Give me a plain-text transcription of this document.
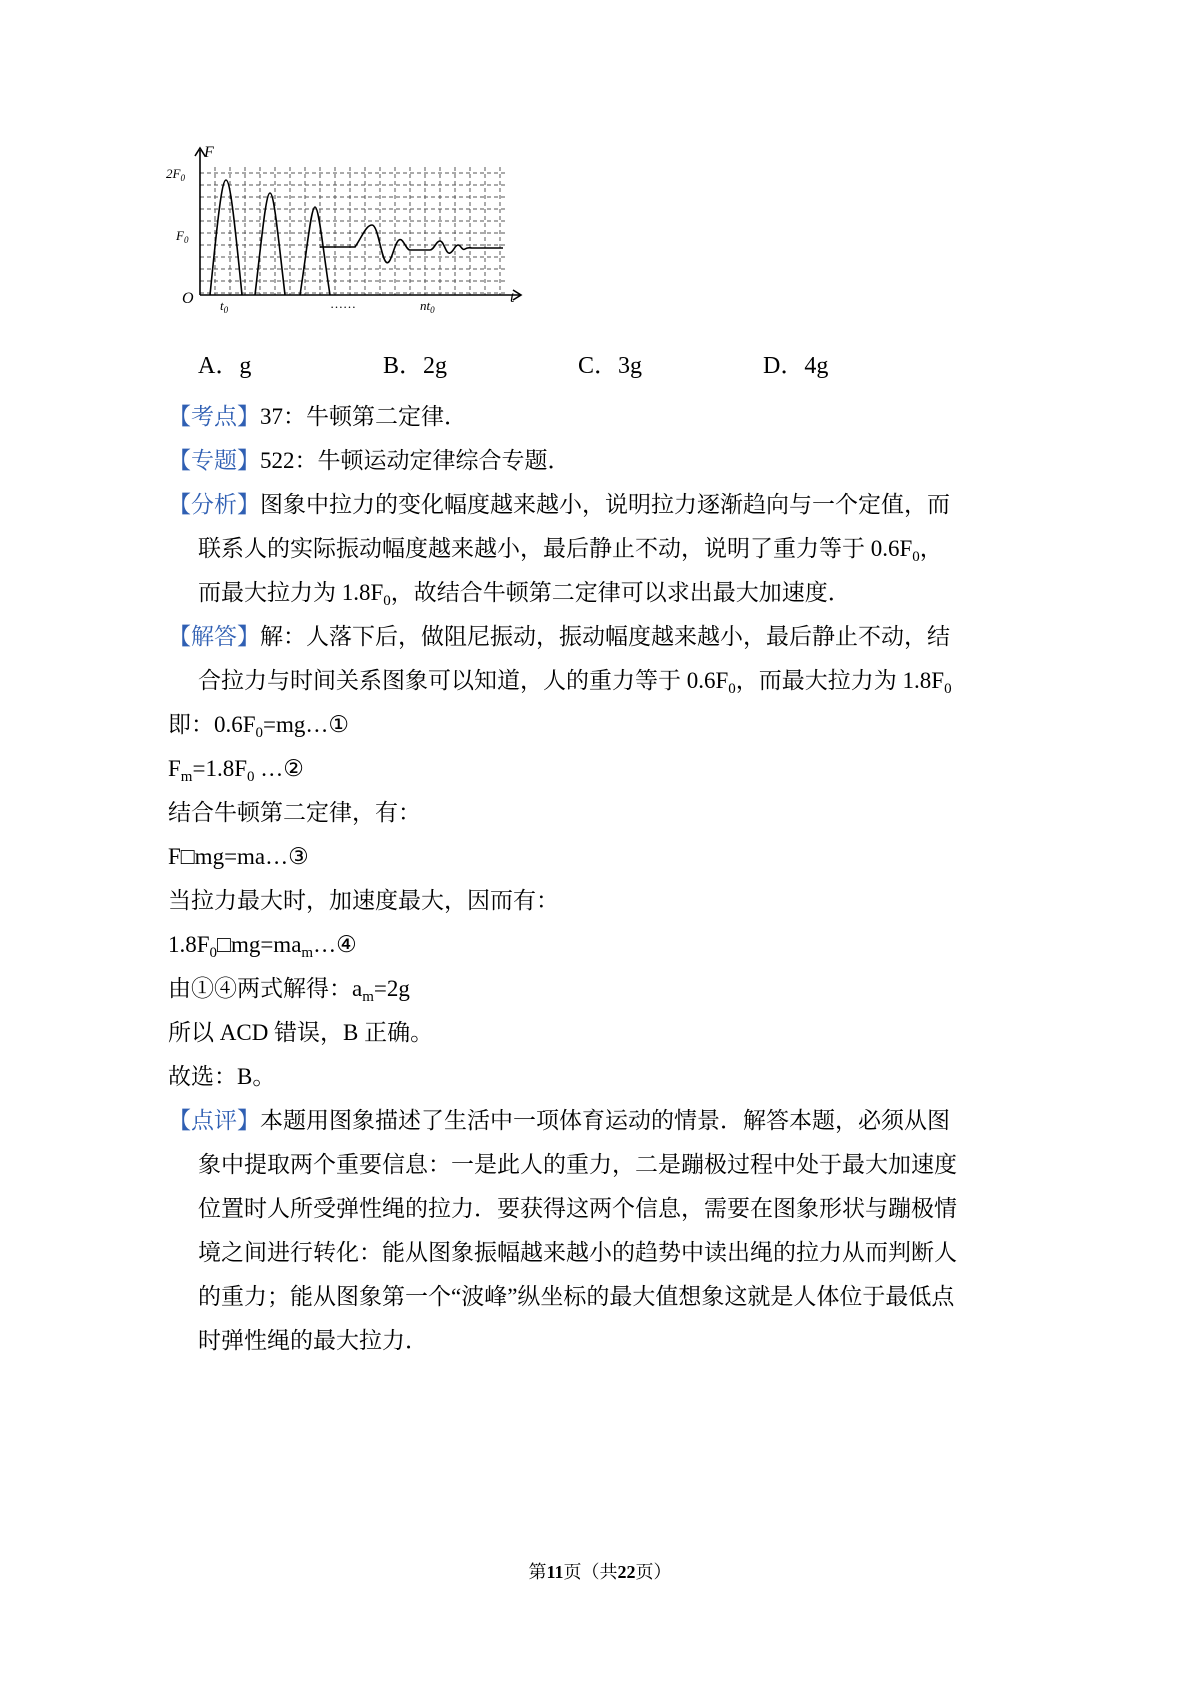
F
t
O
$2F_0$
$F_0$
$t_0$	$nt_0$
……
A．g	B．2g	C．3g	D．4g
【考点】37：牛顿第二定律．
【专题】522：牛顿运动定律综合专题．
【分析】图象中拉力的变化幅度越来越小，说明拉力逐渐趋向与一个定值，而
联系人的实际振动幅度越来越小，最后静止不动，说明了重力等于 $0.6F_0$，
而最大拉力为 $1.8F_0$，故结合牛顿第二定律可以求出最大加速度．
【解答】解：人落下后，做阻尼振动，振动幅度越来越小，最后静止不动，结
合拉力与时间关系图象可以知道，人的重力等于 $0.6F_0$，而最大拉力为 $1.8F_0$
即：$0.6F_0=mg\dots ①$
$F_m=1.8F_0$ …②
结合牛顿第二定律，有：
F□mg=ma…③
当拉力最大时，加速度最大，因而有：
$1.8F_0□mg=ma_m\dots ④$
由①④两式解得：$a_m=2g$
所以 ACD 错误，B 正确。
故选：B。
【点评】本题用图象描述了生活中一项体育运动的情景．解答本题，必须从图
象中提取两个重要信息：一是此人的重力，二是蹦极过程中处于最大加速度
位置时人所受弹性绳的拉力．要获得这两个信息，需要在图象形状与蹦极情
境之间进行转化：能从图象振幅越来越小的趋势中读出绳的拉力从而判断人
的重力；能从图象第一个“波峰”纵坐标的最大值想象这就是人体位于最低点
时弹性绳的最大拉力．
第11页（共22页）
